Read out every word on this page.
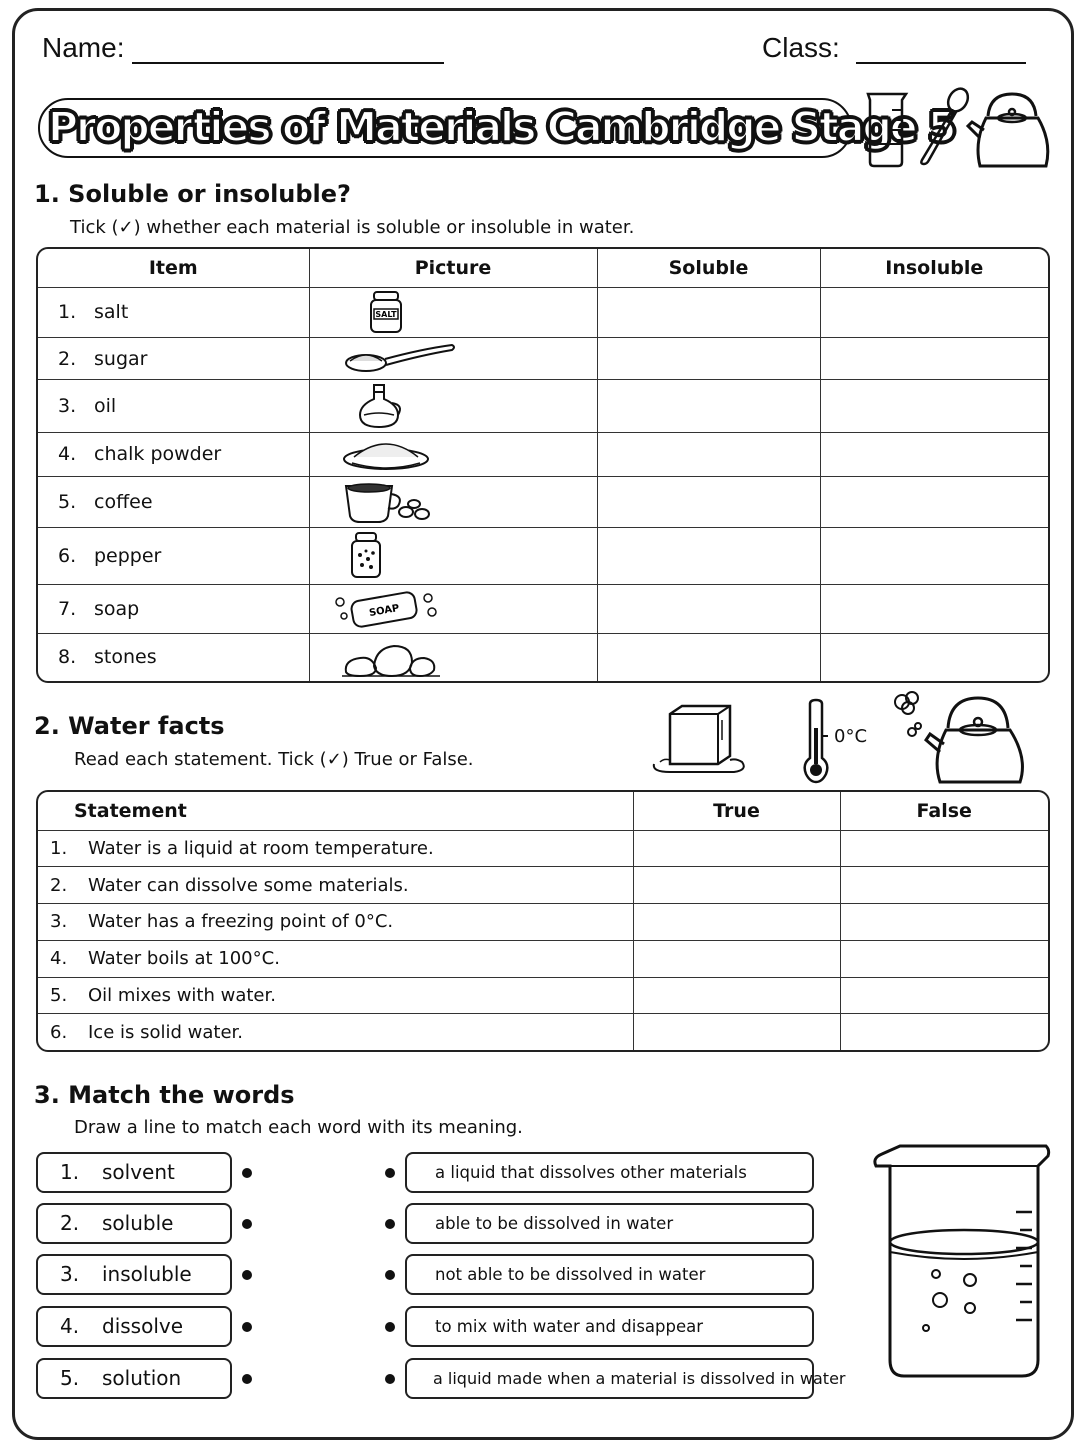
Name:	Class:
Properties of Materials Cambridge Stage 5
1. Soluble or insoluble?
Tick (✓) whether each material is soluble or insoluble in water.
Item	Picture	Soluble	Insoluble
1. salt	SALT		

2. sugar	

3. oil	

4. chalk powder	

5. coffee	

6. pepper	

7. soap	SOAP		

8. stones	

2. Water facts
Read each statement. Tick (✓) True or False.
0°C
Statement	True	False
1. Water is a liquid at room temperature.		
2. Water can dissolve some materials.		
3. Water has a freezing point of 0°C.		
4. Water boils at 100°C.		
5. Oil mixes with water.		
6. Ice is solid water.		
3. Match the words
Draw a line to match each word with its meaning.
1. solvent
2. soluble
3. insoluble
4. dissolve
5. solution
a liquid that dissolves other materials
able to be dissolved in water
not able to be dissolved in water
to mix with water and disappear
a liquid made when a material is dissolved in water
